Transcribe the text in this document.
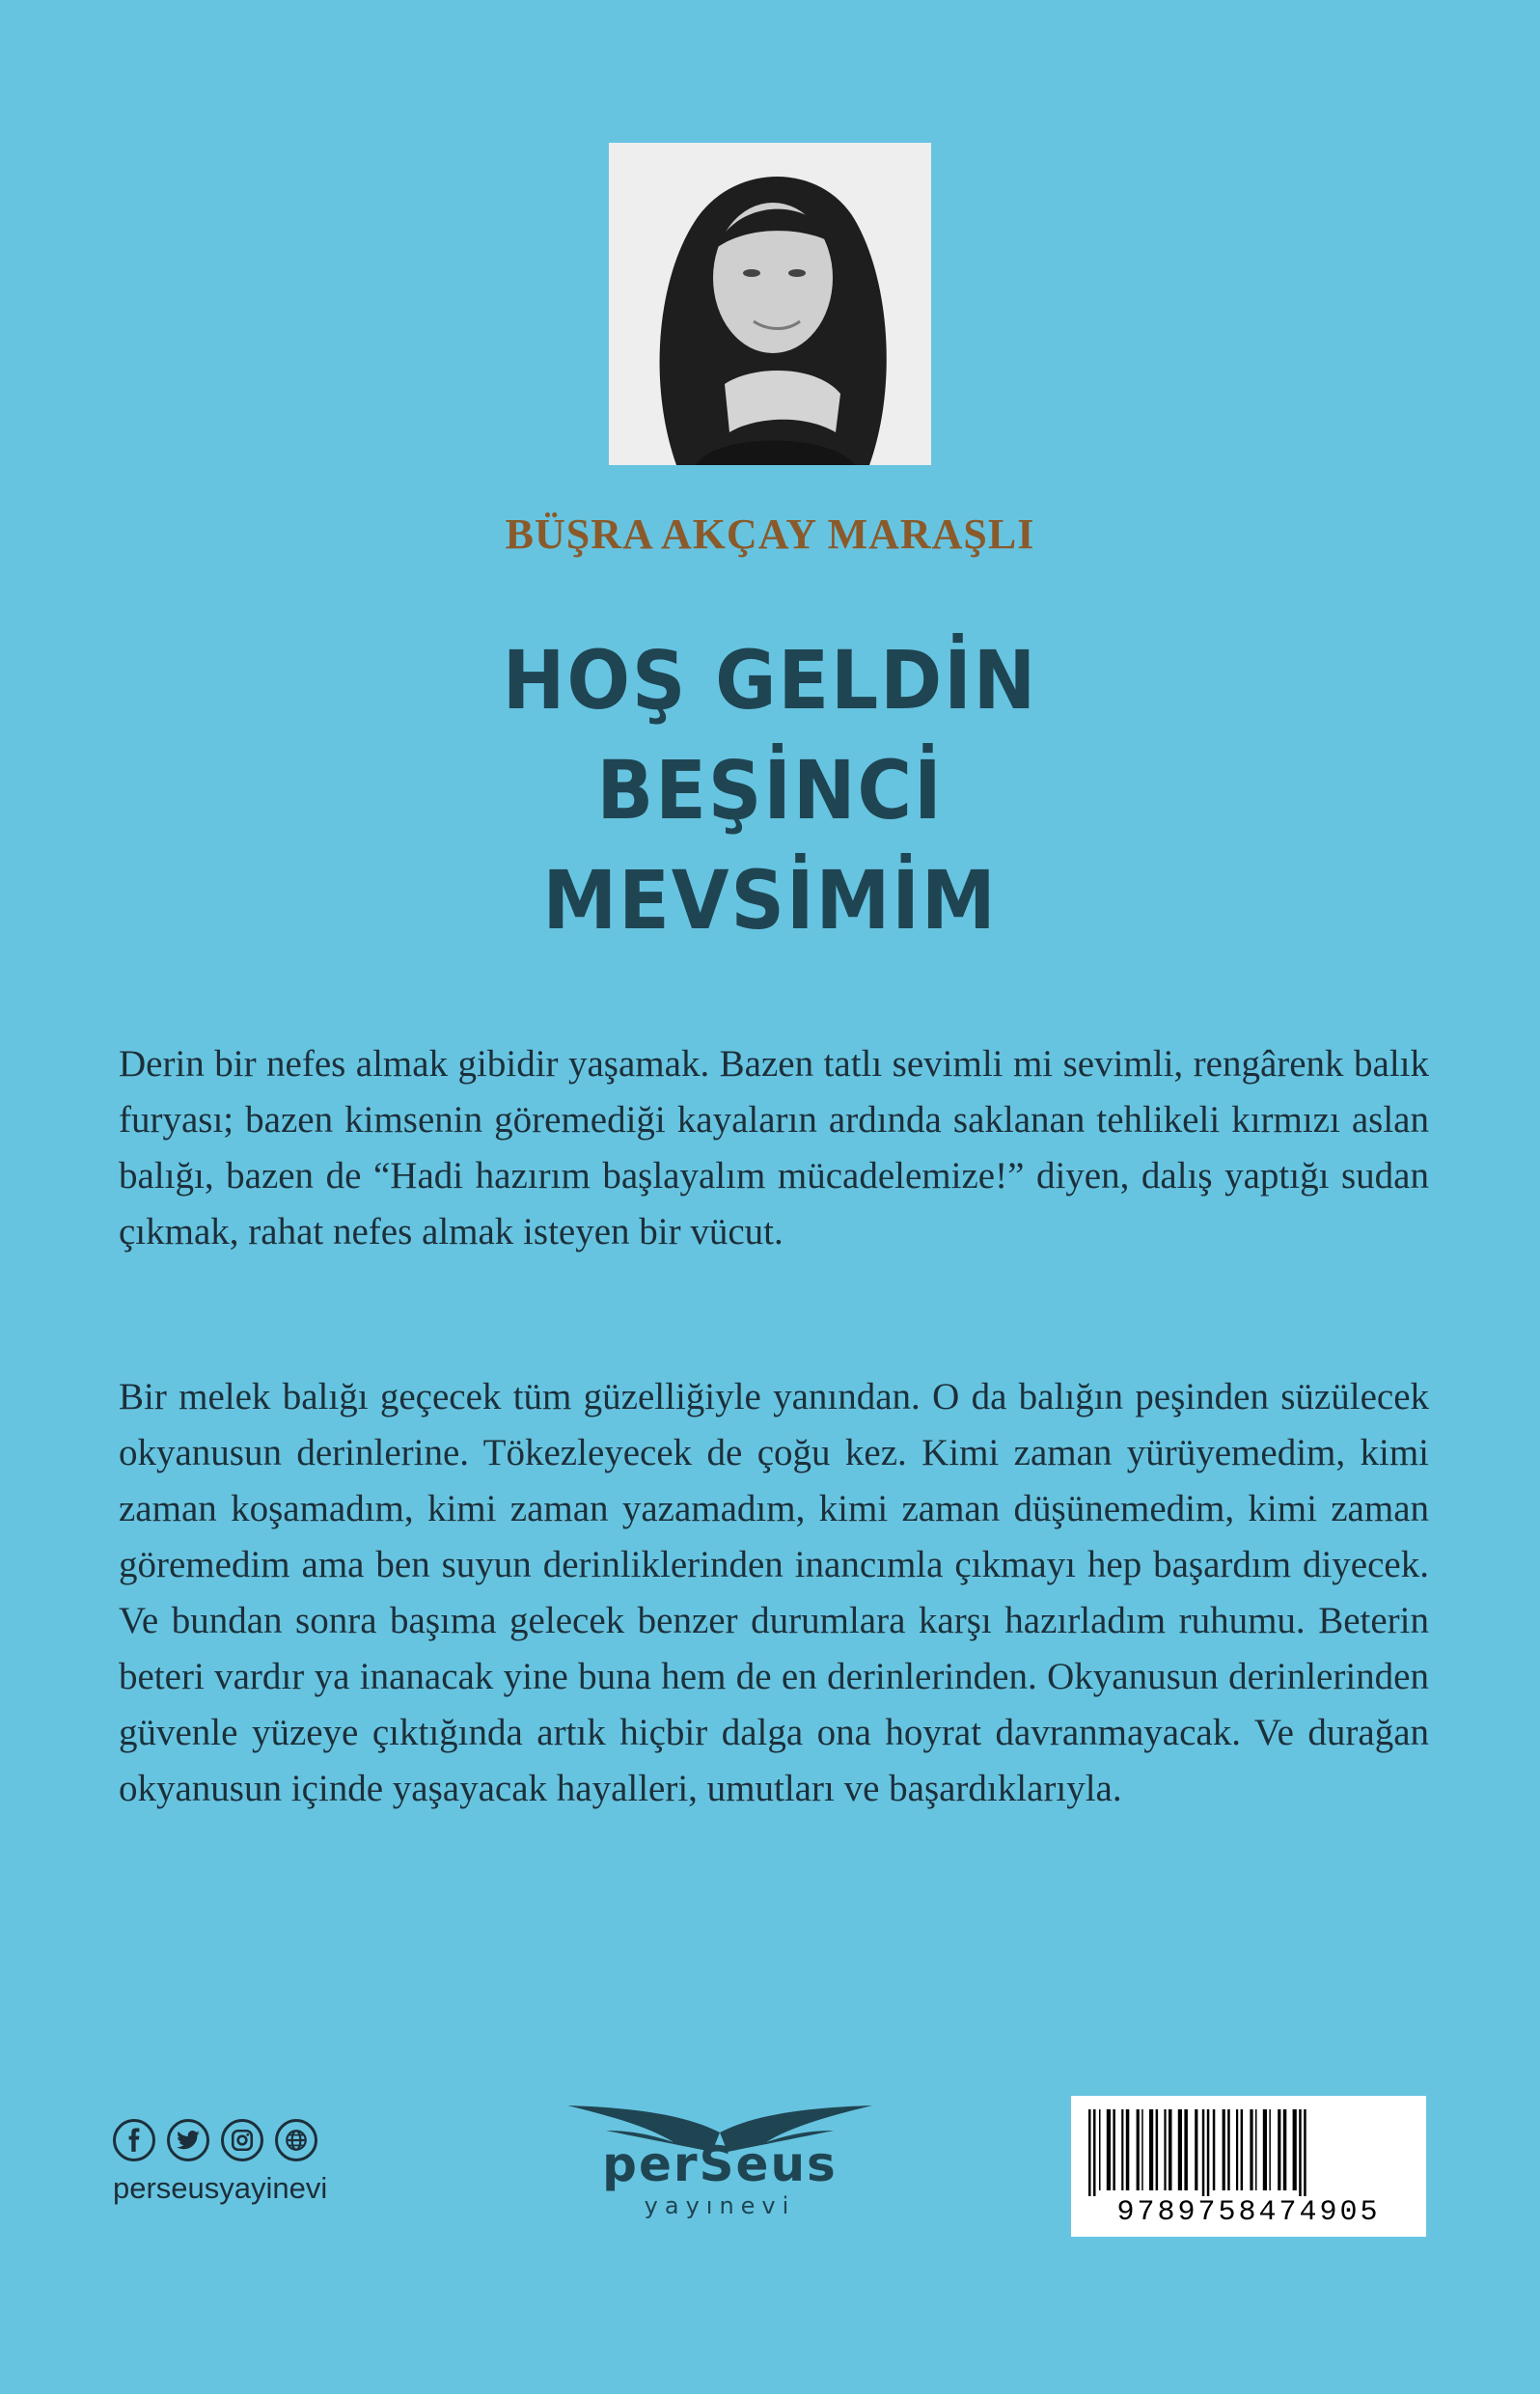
BÜŞRA AKÇAY MARAŞLI
HOŞ GELDİN
BEŞİNCİ
MEVSİMİM
Derin bir nefes almak gibidir yaşamak. Bazen tatlı sevimli mi sevimli, rengârenk balık furyası; bazen kimsenin göremediği kayaların ardında saklanan tehlikeli kırmızı aslan balığı, bazen de “Hadi hazırım başlayalım mücadelemize!” diyen, dalış yaptığı sudan çıkmak, rahat nefes almak isteyen bir vücut.
Bir melek balığı geçecek tüm güzelliğiyle yanından. O da balığın peşinden süzülecek okyanusun derinlerine. Tökezleyecek de çoğu kez. Kimi zaman yürüyemedim, kimi zaman koşamadım, kimi zaman yazamadım, kimi zaman düşünemedim, kimi zaman göremedim ama ben suyun derinliklerinden inancımla çıkmayı hep başardım diyecek. Ve bundan sonra başıma gelecek benzer durumlara karşı hazırladım ruhumu. Beterin beteri vardır ya inanacak yine buna hem de en derinlerinden. Okyanusun derinlerinden güvenle yüzeye çıktığında artık hiçbir dalga ona hoyrat davranmayacak. Ve durağan okyanusun içinde yaşayacak hayalleri, umutları ve başardıklarıyla.
perseusyayinevi	perSeus
yayınevi	9789758474905
